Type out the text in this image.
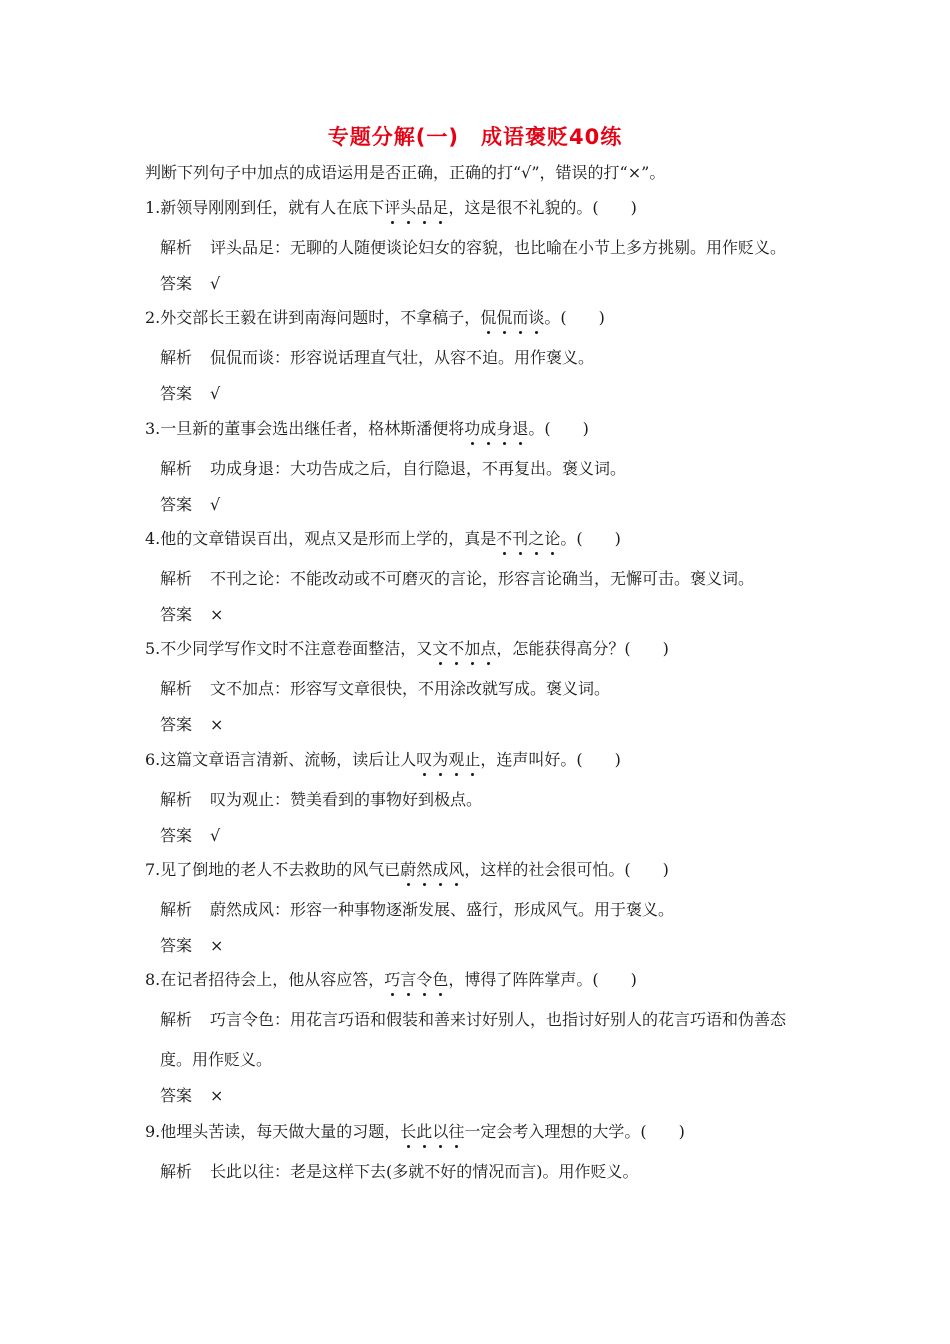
专题分解(一) 成语褒贬40练
判断下列句子中加点的成语运用是否正确，正确的打“√”，错误的打“×”。
1.新领导刚刚到任，就有人在底下评头品足，这是很不礼貌的。(　　)
解析 评头品足：无聊的人随便谈论妇女的容貌，也比喻在小节上多方挑剔。用作贬义。
答案 √
2.外交部长王毅在讲到南海问题时，不拿稿子，侃侃而谈。(　　)
解析 侃侃而谈：形容说话理直气壮，从容不迫。用作褒义。
答案 √
3.一旦新的董事会选出继任者，格林斯潘便将功成身退。(　　)
解析 功成身退：大功告成之后，自行隐退，不再复出。褒义词。
答案 √
4.他的文章错误百出，观点又是形而上学的，真是不刊之论。(　　)
解析 不刊之论：不能改动或不可磨灭的言论，形容言论确当，无懈可击。褒义词。
答案 ×
5.不少同学写作文时不注意卷面整洁，又文不加点，怎能获得高分？(　　)
解析 文不加点：形容写文章很快，不用涂改就写成。褒义词。
答案 ×
6.这篇文章语言清新、流畅，读后让人叹为观止，连声叫好。(　　)
解析 叹为观止：赞美看到的事物好到极点。
答案 √
7.见了倒地的老人不去救助的风气已蔚然成风，这样的社会很可怕。(　　)
解析 蔚然成风：形容一种事物逐渐发展、盛行，形成风气。用于褒义。
答案 ×
8.在记者招待会上，他从容应答，巧言令色，博得了阵阵掌声。(　　)
解析 巧言令色：用花言巧语和假装和善来讨好别人，也指讨好别人的花言巧语和伪善态
度。用作贬义。
答案 ×
9.他埋头苦读，每天做大量的习题，长此以往一定会考入理想的大学。(　　)
解析 长此以往：老是这样下去(多就不好的情况而言)。用作贬义。
